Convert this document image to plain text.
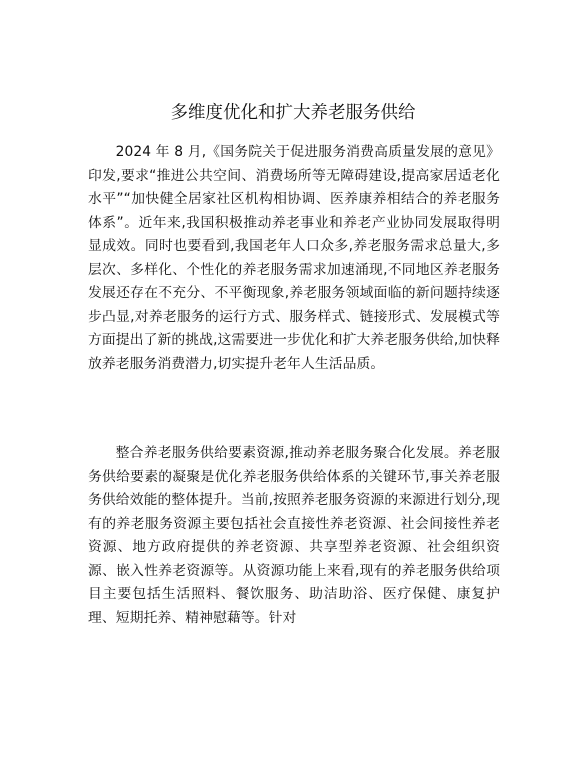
多维度优化和扩大养老服务供给

2024 年 8 月,《国务院关于促进服务消费高质量发展的意见》印发,要求“推进公共空间、消费场所等无障碍建设,提高家居适老化水平”“加快健全居家社区机构相协调、医养康养相结合的养老服务体系”。近年来,我国积极推动养老事业和养老产业协同发展取得明显成效。同时也要看到,我国老年人口众多,养老服务需求总量大,多层次、多样化、个性化的养老服务需求加速涌现,不同地区养老服务发展还存在不充分、不平衡现象,养老服务领域面临的新问题持续逐步凸显,对养老服务的运行方式、服务样式、链接形式、发展模式等方面提出了新的挑战,这需要进一步优化和扩大养老服务供给,加快释放养老服务消费潜力,切实提升老年人生活品质。

整合养老服务供给要素资源,推动养老服务聚合化发展。养老服务供给要素的凝聚是优化养老服务供给体系的关键环节,事关养老服务供给效能的整体提升。当前,按照养老服务资源的来源进行划分,现有的养老服务资源主要包括社会直接性养老资源、社会间接性养老资源、地方政府提供的养老资源、共享型养老资源、社会组织资源、嵌入性养老资源等。从资源功能上来看,现有的养老服务供给项目主要包括生活照料、餐饮服务、助洁助浴、医疗保健、康复护理、短期托养、精神慰藉等。针对
